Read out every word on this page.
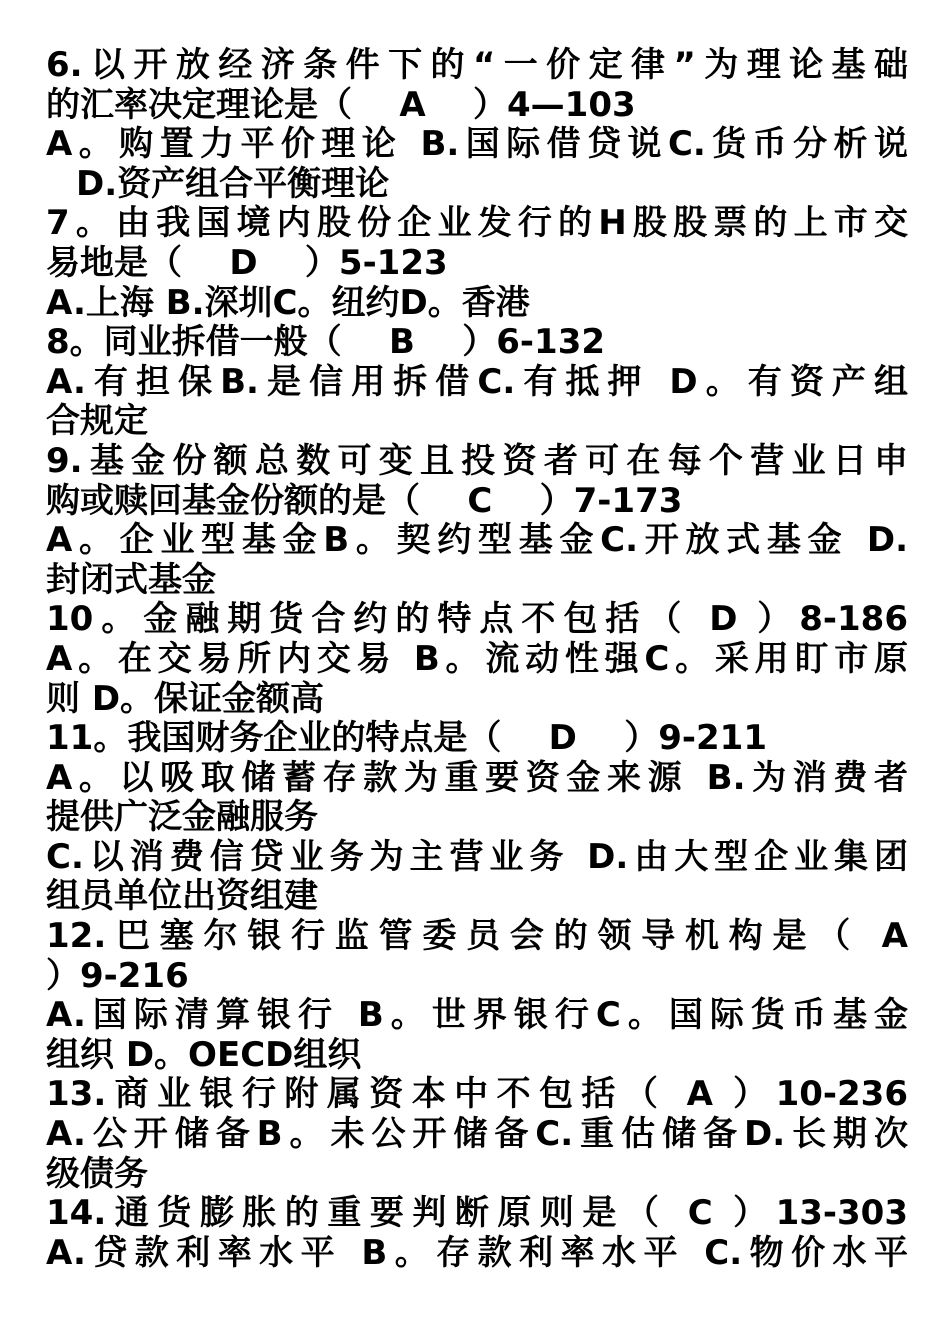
6.以开放经济条件下的“一价定律”为理论基础
的汇率决定理论是（    A    ）4—103
A。购置力平价理论 B.国际借贷说C.货币分析说
D.资产组合平衡理论
7。由我国境内股份企业发行的H股股票的上市交
易地是（    D    ）5-123
A.上海 B.深圳C。纽约D。香港
8。同业拆借一般（    B    ）6-132
A.有担保B.是信用拆借C.有抵押 D。有资产组
合规定
9.基金份额总数可变且投资者可在每个营业日申
购或赎回基金份额的是（    C    ）7-173
A。企业型基金B。契约型基金C.开放式基金 D.
封闭式基金
10。金融期货合约的特点不包括（ D ）8-186
A。在交易所内交易 B。流动性强C。采用盯市原
则 D。保证金额高
11。我国财务企业的特点是（    D    ）9-211
A。以吸取储蓄存款为重要资金来源 B.为消费者
提供广泛金融服务
C.以消费信贷业务为主营业务 D.由大型企业集团
组员单位出资组建
12.巴塞尔银行监管委员会的领导机构是（ A
）9-216
A.国际清算银行 B。世界银行C。国际货币基金
组织 D。OECD组织
13.商业银行附属资本中不包括（ A ）10-236
A.公开储备B。未公开储备C.重估储备D.长期次
级债务
14.通货膨胀的重要判断原则是（ C ）13-303
A.贷款利率水平 B。存款利率水平 C.物价水平
